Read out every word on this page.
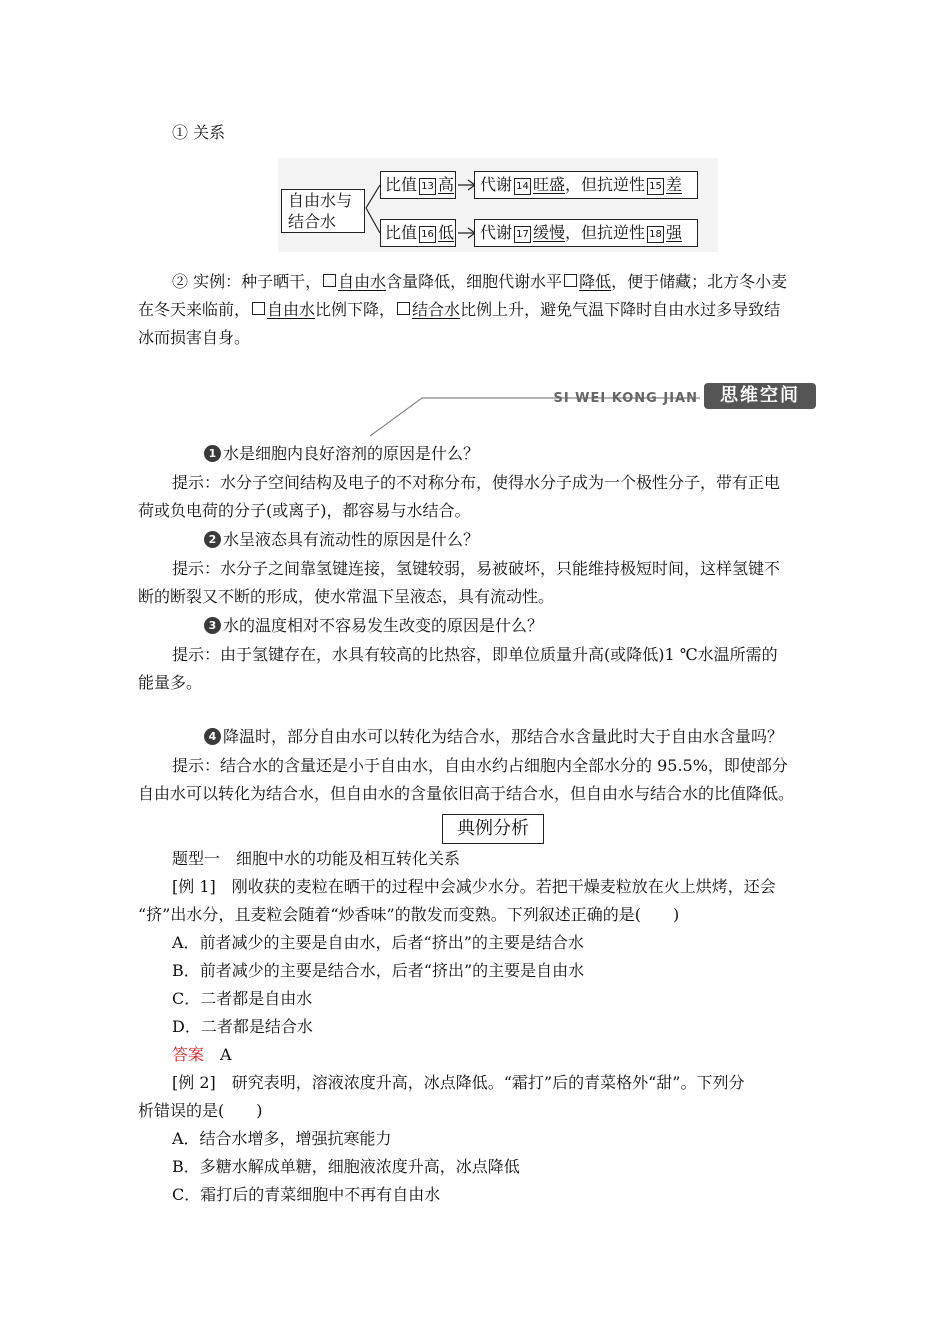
① 关系
自由水与
结合水
比值 13 高	代谢 14 旺盛，但抗逆性 15 差
比值 16 低	代谢 17 缓慢，但抗逆性 18 强
② 实例：种子晒干， 自由水含量降低，细胞代谢水平 降低，便于储藏；北方冬小麦
在冬天来临前， 自由水比例下降， 结合水比例上升，避免气温下降时自由水过多导致结
冰而损害自身。
SI WEI KONG JIAN	思维空间
1 水是细胞内良好溶剂的原因是什么？
提示：水分子空间结构及电子的不对称分布，使得水分子成为一个极性分子，带有正电
荷或负电荷的分子(或离子)，都容易与水结合。
2 水呈液态具有流动性的原因是什么？
提示：水分子之间靠氢键连接，氢键较弱，易被破坏，只能维持极短时间，这样氢键不
断的断裂又不断的形成，使水常温下呈液态，具有流动性。
3 水的温度相对不容易发生改变的原因是什么？
提示：由于氢键存在，水具有较高的比热容，即单位质量升高(或降低)1 ℃水温所需的
能量多。
4 降温时，部分自由水可以转化为结合水，那结合水含量此时大于自由水含量吗？
提示：结合水的含量还是小于自由水，自由水约占细胞内全部水分的 95.5%，即使部分
自由水可以转化为结合水，但自由水的含量依旧高于结合水，但自由水与结合水的比值降低。
典例分析
题型一　细胞中水的功能及相互转化关系
[例 1]　刚收获的麦粒在晒干的过程中会减少水分。若把干燥麦粒放在火上烘烤，还会
“挤”出水分，且麦粒会随着“炒香味”的散发而变熟。下列叙述正确的是(　　)
A．前者减少的主要是自由水，后者“挤出”的主要是结合水
B．前者减少的主要是结合水，后者“挤出”的主要是自由水
C．二者都是自由水
D．二者都是结合水
答案　 A
[例 2]　研究表明，溶液浓度升高，冰点降低。“霜打”后的青菜格外“甜”。下列分
析错误的是(　　)
A．结合水增多，增强抗寒能力
B．多糖水解成单糖，细胞液浓度升高，冰点降低
C．霜打后的青菜细胞中不再有自由水
